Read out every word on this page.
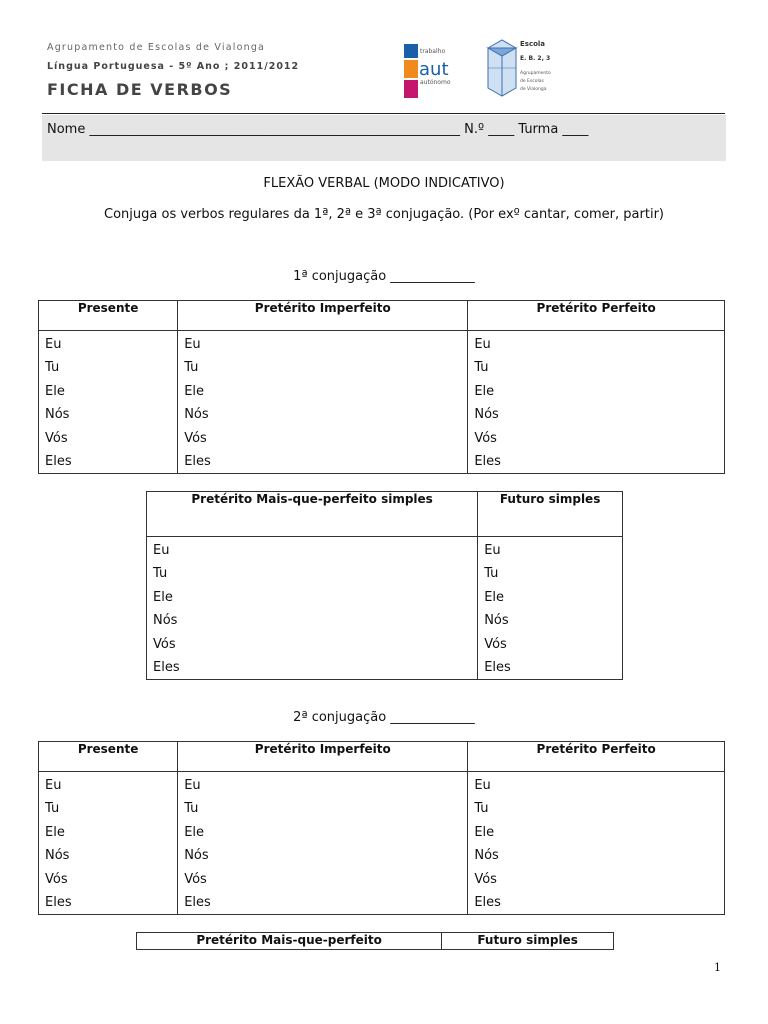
Agrupamento de Escolas de Vialonga
Língua Portuguesa - 5º Ano ; 2011/2012
FICHA DE VERBOS
trabalho
aut
autónomo
Escola
E. B. 2, 3
Agrupamento
de Escolas
de Vialonga
Nome _________________________________________________________ N.º ____ Turma ____
FLEXÃO VERBAL (MODO INDICATIVO)
Conjuga os verbos regulares da 1ª, 2ª e 3ª conjugação. (Por exº cantar, comer, partir)
1ª conjugação _____________
2ª conjugação _____________
Presente	Pretérito Imperfeito	Pretérito Perfeito
Eu	Eu	Eu
Tu	Tu	Tu
Ele	Ele	Ele
Nós	Nós	Nós
Vós	Vós	Vós
Eles	Eles	Eles
Pretérito Mais-que-perfeito simples	Futuro simples
Eu	Eu
Tu	Tu
Ele	Ele
Nós	Nós
Vós	Vós
Eles	Eles
Presente	Pretérito Imperfeito	Pretérito Perfeito
Eu	Eu	Eu
Tu	Tu	Tu
Ele	Ele	Ele
Nós	Nós	Nós
Vós	Vós	Vós
Eles	Eles	Eles
Pretérito Mais-que-perfeito	Futuro simples
1
